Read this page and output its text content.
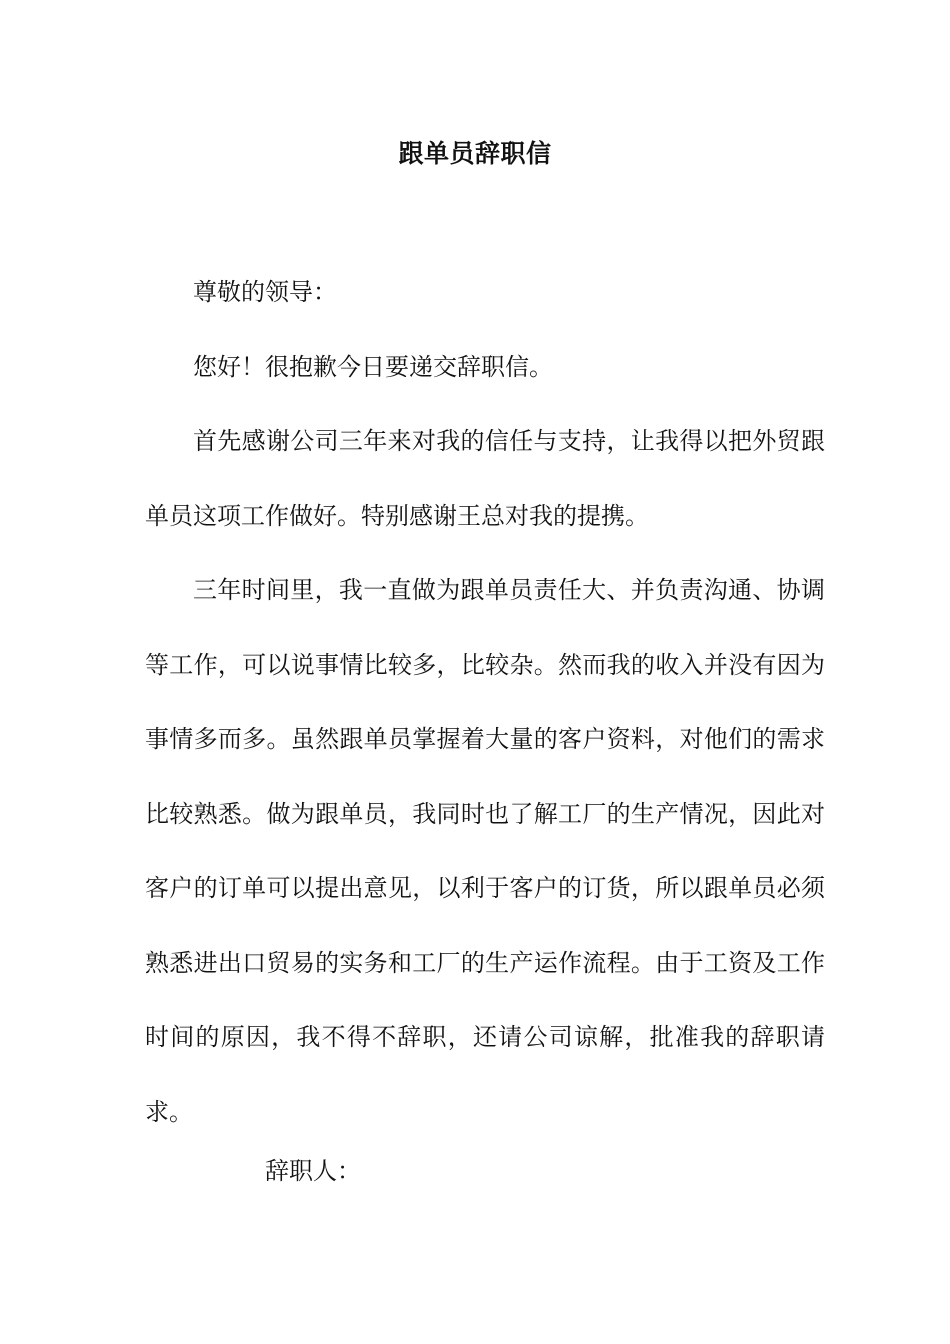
跟单员辞职信

尊敬的领导：

您好！很抱歉今日要递交辞职信。

首先感谢公司三年来对我的信任与支持，让我得以把外贸跟单员这项工作做好。特别感谢王总对我的提携。

三年时间里，我一直做为跟单员责任大、并负责沟通、协调等工作，可以说事情比较多，比较杂。然而我的收入并没有因为事情多而多。虽然跟单员掌握着大量的客户资料，对他们的需求比较熟悉。做为跟单员，我同时也了解工厂的生产情况，因此对客户的订单可以提出意见，以利于客户的订货，所以跟单员必须熟悉进出口贸易的实务和工厂的生产运作流程。由于工资及工作时间的原因，我不得不辞职，还请公司谅解，批准我的辞职请求。

辞职人：
